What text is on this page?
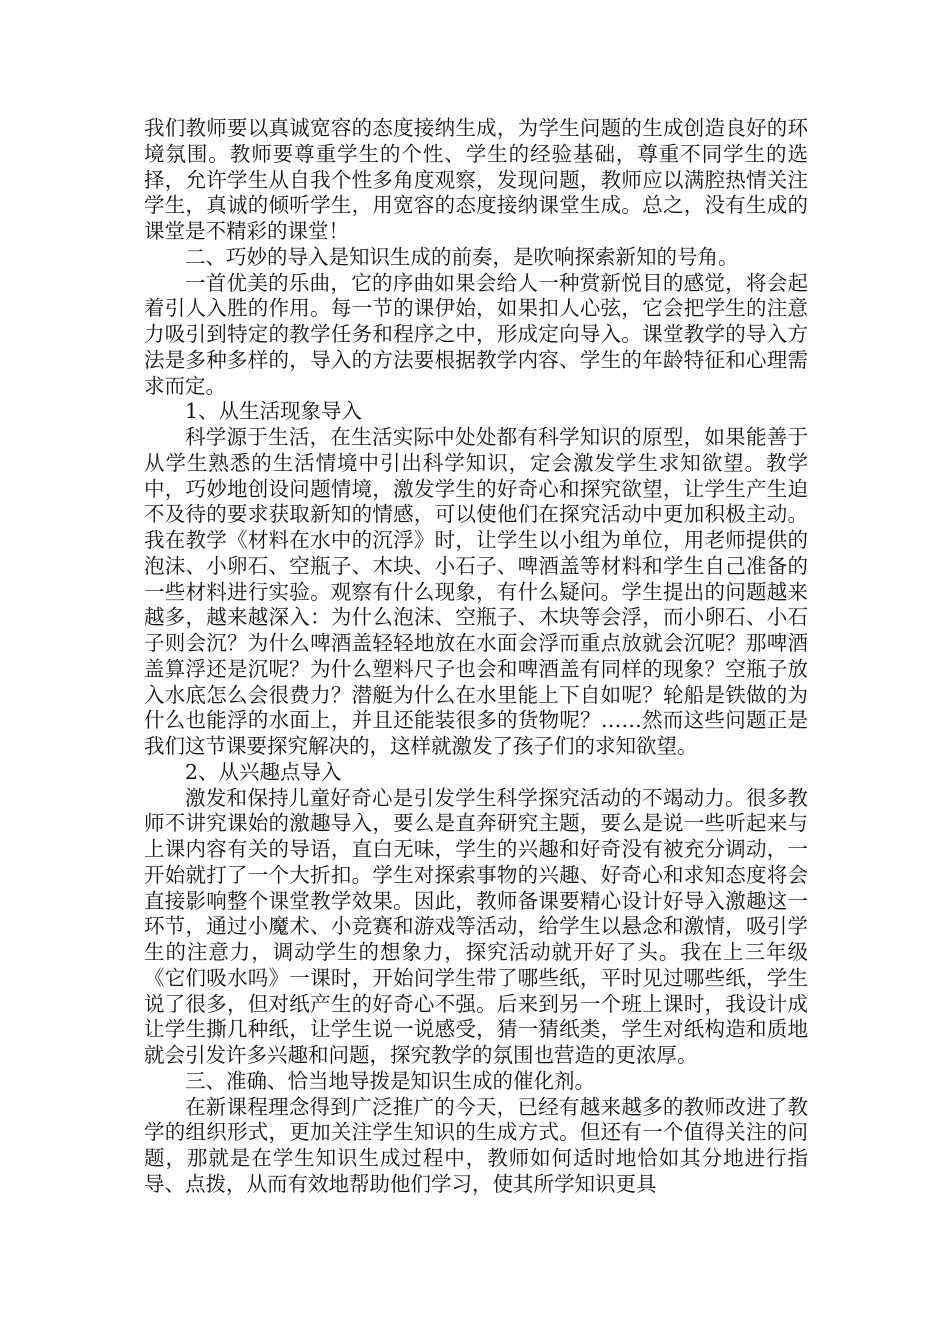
我们教师要以真诚宽容的态度接纳生成，为学生问题的生成创造良好的环境氛围。教师要尊重学生的个性、学生的经验基础，尊重不同学生的选择，允许学生从自我个性多角度观察，发现问题，教师应以满腔热情关注学生，真诚的倾听学生，用宽容的态度接纳课堂生成。总之，没有生成的课堂是不精彩的课堂！

二、巧妙的导入是知识生成的前奏，是吹响探索新知的号角。

一首优美的乐曲，它的序曲如果会给人一种赏新悦目的感觉，将会起着引人入胜的作用。每一节的课伊始，如果扣人心弦，它会把学生的注意力吸引到特定的教学任务和程序之中，形成定向导入。课堂教学的导入方法是多种多样的，导入的方法要根据教学内容、学生的年龄特征和心理需求而定。

1、从生活现象导入

科学源于生活，在生活实际中处处都有科学知识的原型，如果能善于从学生熟悉的生活情境中引出科学知识，定会激发学生求知欲望。教学中，巧妙地创设问题情境，激发学生的好奇心和探究欲望，让学生产生迫不及待的要求获取新知的情感，可以使他们在探究活动中更加积极主动。我在教学《材料在水中的沉浮》时，让学生以小组为单位，用老师提供的泡沫、小卵石、空瓶子、木块、小石子、啤酒盖等材料和学生自己准备的一些材料进行实验。观察有什么现象，有什么疑问。学生提出的问题越来越多，越来越深入：为什么泡沫、空瓶子、木块等会浮，而小卵石、小石子则会沉？为什么啤酒盖轻轻地放在水面会浮而重点放就会沉呢？那啤酒盖算浮还是沉呢？为什么塑料尺子也会和啤酒盖有同样的现象？空瓶子放入水底怎么会很费力？潜艇为什么在水里能上下自如呢？轮船是铁做的为什么也能浮的水面上，并且还能装很多的货物呢？……然而这些问题正是我们这节课要探究解决的，这样就激发了孩子们的求知欲望。

2、从兴趣点导入

激发和保持儿童好奇心是引发学生科学探究活动的不竭动力。很多教师不讲究课始的激趣导入，要么是直奔研究主题，要么是说一些听起来与上课内容有关的导语，直白无味，学生的兴趣和好奇没有被充分调动，一开始就打了一个大折扣。学生对探索事物的兴趣、好奇心和求知态度将会直接影响整个课堂教学效果。因此，教师备课要精心设计好导入激趣这一环节，通过小魔术、小竞赛和游戏等活动，给学生以悬念和激情，吸引学生的注意力，调动学生的想象力，探究活动就开好了头。我在上三年级《它们吸水吗》一课时，开始问学生带了哪些纸，平时见过哪些纸，学生说了很多，但对纸产生的好奇心不强。后来到另一个班上课时，我设计成让学生撕几种纸，让学生说一说感受，猜一猜纸类，学生对纸构造和质地就会引发许多兴趣和问题，探究教学的氛围也营造的更浓厚。

三、准确、恰当地导拨是知识生成的催化剂。

在新课程理念得到广泛推广的今天，已经有越来越多的教师改进了教学的组织形式，更加关注学生知识的生成方式。但还有一个值得关注的问题，那就是在学生知识生成过程中，教师如何适时地恰如其分地进行指导、点拨，从而有效地帮助他们学习，使其所学知识更具
